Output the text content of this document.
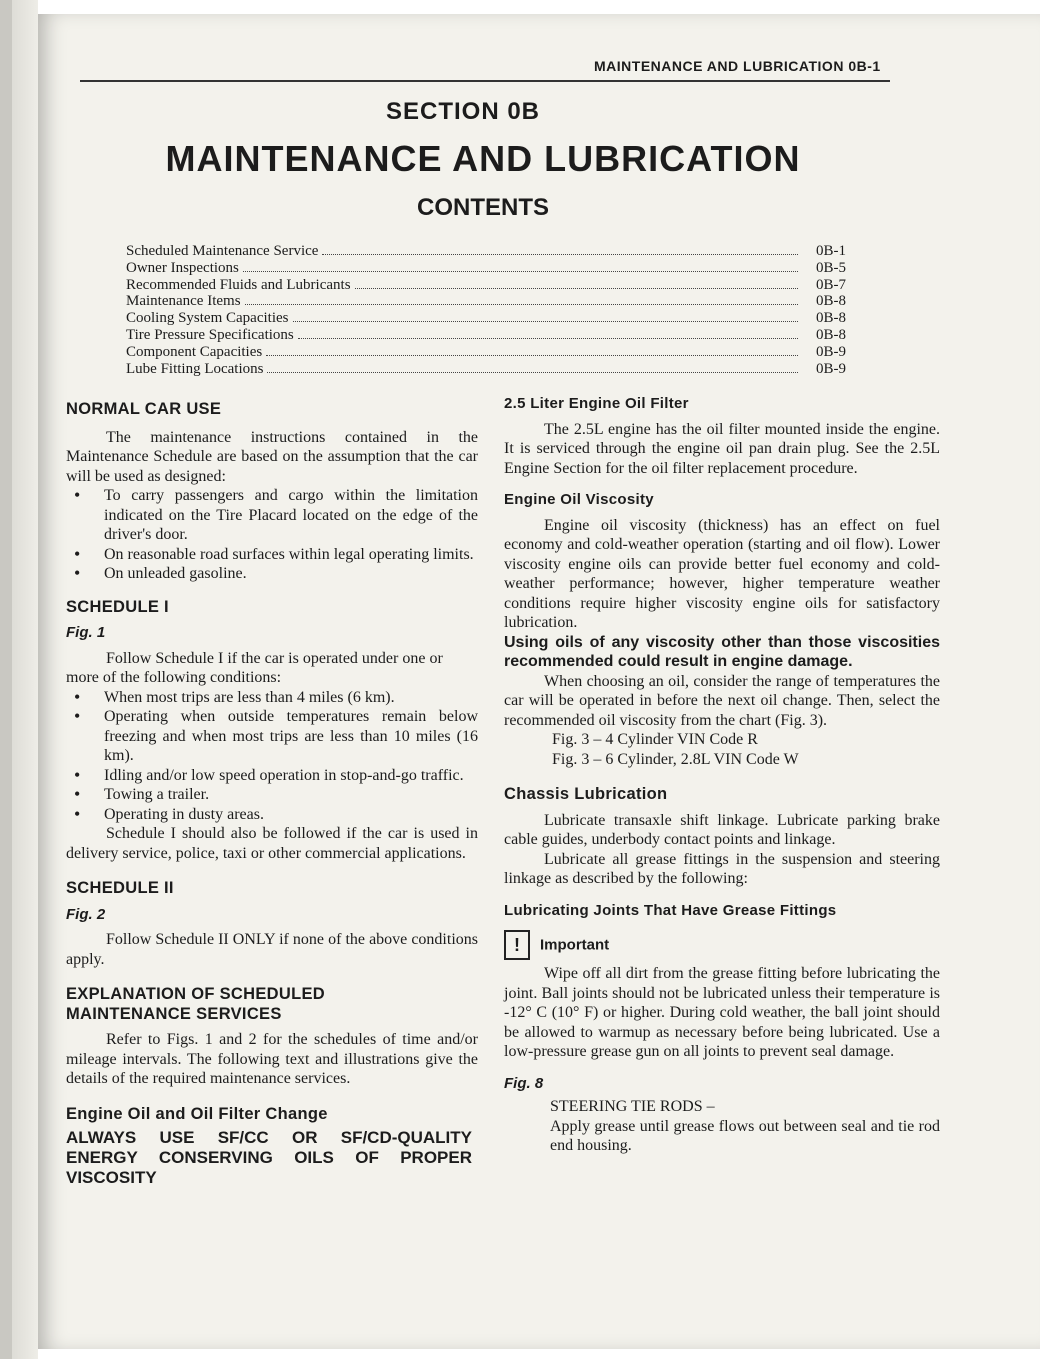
MAINTENANCE AND LUBRICATION 0B-1
SECTION 0B
MAINTENANCE AND LUBRICATION
CONTENTS
Scheduled Maintenance Service	0B-1
Owner Inspections	0B-5
Recommended Fluids and Lubricants	0B-7
Maintenance Items	0B-8
Cooling System Capacities	0B-8
Tire Pressure Specifications	0B-8
Component Capacities	0B-9
Lube Fitting Locations	0B-9
NORMAL CAR USE

The maintenance instructions contained in the Maintenance Schedule are based on the assumption that the car will be used as designed:

• To carry passengers and cargo within the limitation indicated on the Tire Placard located on the edge of the driver's door.
• On reasonable road surfaces within legal operating limits.
• On unleaded gasoline.
SCHEDULE I
Fig. 1

Follow Schedule I if the car is operated under one or more of the following conditions:

• When most trips are less than 4 miles (6 km).
• Operating when outside temperatures remain below freezing and when most trips are less than 10 miles (16 km).
• Idling and/or low speed operation in stop-and-go traffic.
• Towing a trailer.
• Operating in dusty areas.

Schedule I should also be followed if the car is used in delivery service, police, taxi or other commercial applications.

SCHEDULE II
Fig. 2

Follow Schedule II ONLY if none of the above conditions apply.

EXPLANATION OF SCHEDULED
MAINTENANCE SERVICES

Refer to Figs. 1 and 2 for the schedules of time and/or mileage intervals. The following text and illustrations give the details of the required maintenance services.

Engine Oil and Oil Filter Change

ALWAYS USE SF/CC OR SF/CD-QUALITY ENERGY CONSERVING OILS OF PROPER VISCOSITY

2.5 Liter Engine Oil Filter

The 2.5L engine has the oil filter mounted inside the engine. It is serviced through the engine oil pan drain plug. See the 2.5L Engine Section for the oil filter replacement procedure.

Engine Oil Viscosity

Engine oil viscosity (thickness) has an effect on fuel economy and cold-weather operation (starting and oil flow). Lower viscosity engine oils can provide better fuel economy and cold-weather performance; however, higher temperature weather conditions require higher viscosity engine oils for satisfactory lubrication.

Using oils of any viscosity other than those viscosities recommended could result in engine damage.

When choosing an oil, consider the range of temperatures the car will be operated in before the next oil change. Then, select the recommended oil viscosity from the chart (Fig. 3).

Fig. 3 – 4 Cylinder VIN Code R

Fig. 3 – 6 Cylinder, 2.8L VIN Code W

Chassis Lubrication

Lubricate transaxle shift linkage. Lubricate parking brake cable guides, underbody contact points and linkage.

Lubricate all grease fittings in the suspension and steering linkage as described by the following:

Lubricating Joints That Have Grease Fittings
! Important

Wipe off all dirt from the grease fitting before lubricating the joint. Ball joints should not be lubricated unless their temperature is -12° C (10° F) or higher. During cold weather, the ball joint should be allowed to warmup as necessary before being lubricated. Use a low-pressure grease gun on all joints to prevent seal damage.

Fig. 8

STEERING TIE RODS –

Apply grease until grease flows out between seal and tie rod end housing.
